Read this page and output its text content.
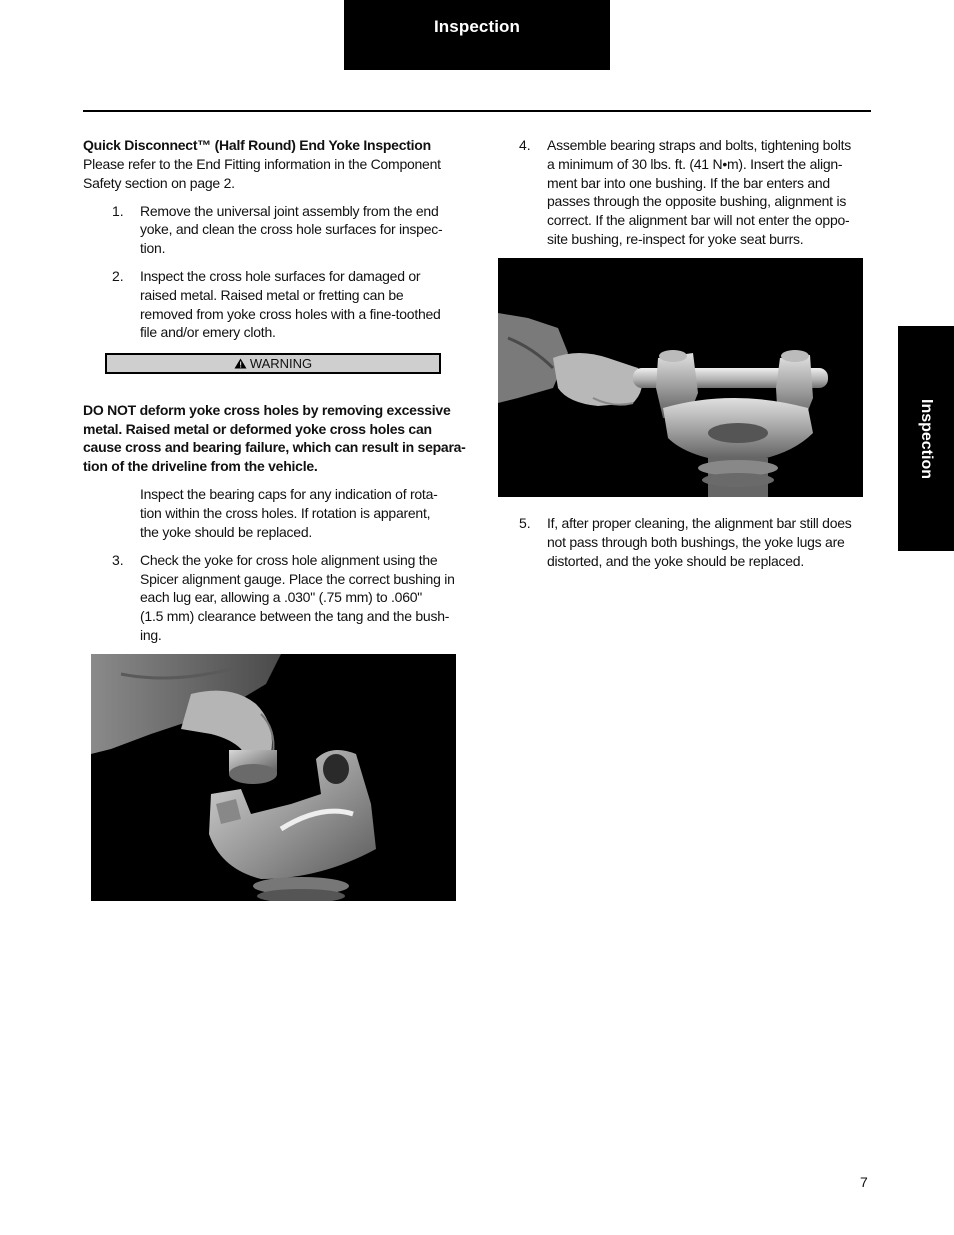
Inspection
Inspection
Quick Disconnect™ (Half Round) End Yoke Inspection
Please refer to the End Fitting information in the Component
Safety section on page 2.
1. Remove the universal joint assembly from the end
yoke, and clean the cross hole surfaces for inspec-
tion.
2. Inspect the cross hole surfaces for damaged or
raised metal. Raised metal or fretting can be
removed from yoke cross holes with a fine-toothed
file and/or emery cloth.
WARNING
DO NOT deform yoke cross holes by removing excessive
metal. Raised metal or deformed yoke cross holes can
cause cross and bearing failure, which can result in separa-
tion of the driveline from the vehicle.
Inspect the bearing caps for any indication of rota-
tion within the cross holes. If rotation is apparent,
the yoke should be replaced.
3. Check the yoke for cross hole alignment using the
Spicer alignment gauge. Place the correct bushing in
each lug ear, allowing a .030" (.75 mm) to .060"
(1.5 mm) clearance between the tang and the bush-
ing.
4. Assemble bearing straps and bolts, tightening bolts
a minimum of 30 lbs. ft. (41 N•m). Insert the align-
ment bar into one bushing. If the bar enters and
passes through the opposite bushing, alignment is
correct. If the alignment bar will not enter the oppo-
site bushing, re-inspect for yoke seat burrs.
5. If, after proper cleaning, the alignment bar still does
not pass through both bushings, the yoke lugs are
distorted, and the yoke should be replaced.
7
